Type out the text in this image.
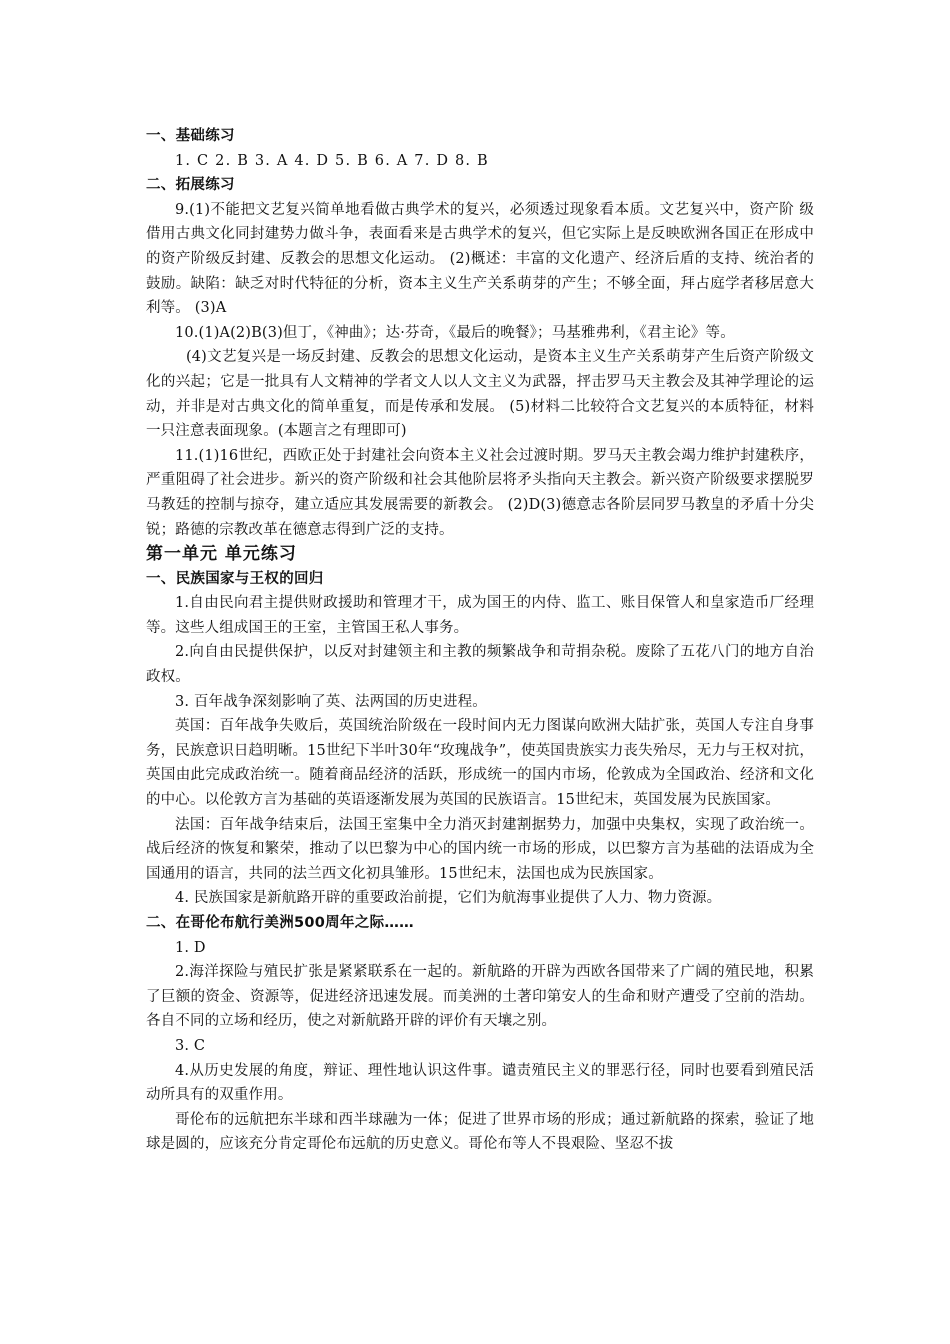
一、基础练习
1. C 2. B 3. A 4. D 5. B 6. A 7. D 8. B
二、拓展练习
9.(1)不能把文艺复兴简单地看做古典学术的复兴，必须透过现象看本质。文艺复兴中，资产阶 级借用古典文化同封建势力做斗争，表面看来是古典学术的复兴，但它实际上是反映欧洲各国正在形成中的资产阶级反封建、反教会的思想文化运动。 (2)概述：丰富的文化遗产、经济后盾的支持、统治者的鼓励。缺陷：缺乏对时代特征的分析，资本主义生产关系萌芽的产生；不够全面，拜占庭学者移居意大利等。 (3)A
10.(1)A(2)B(3)但丁，《神曲》；达·芬奇，《最后的晚餐》；马基雅弗利，《君主论》等。
(4)文艺复兴是一场反封建、反教会的思想文化运动，是资本主义生产关系萌芽产生后资产阶级文化的兴起；它是一批具有人文精神的学者文人以人文主义为武器，抨击罗马天主教会及其神学理论的运动，并非是对古典文化的简单重复，而是传承和发展。 (5)材料二比较符合文艺复兴的本质特征，材料一只注意表面现象。(本题言之有理即可)
11.(1)16世纪，西欧正处于封建社会向资本主义社会过渡时期。罗马天主教会竭力维护封建秩序，严重阻碍了社会进步。新兴的资产阶级和社会其他阶层将矛头指向天主教会。新兴资产阶级要求摆脱罗马教廷的控制与掠夺，建立适应其发展需要的新教会。 (2)D(3)德意志各阶层同罗马教皇的矛盾十分尖锐；路德的宗教改革在德意志得到广泛的支持。
第一单元 单元练习
一、民族国家与王权的回归
1.自由民向君主提供财政援助和管理才干，成为国王的内侍、监工、账目保管人和皇家造币厂经理等。这些人组成国王的王室，主管国王私人事务。
2.向自由民提供保护，以反对封建领主和主教的频繁战争和苛捐杂税。废除了五花八门的地方自治政权。
3. 百年战争深刻影响了英、法两国的历史进程。
英国：百年战争失败后，英国统治阶级在一段时间内无力图谋向欧洲大陆扩张，英国人专注自身事务，民族意识日趋明晰。15世纪下半叶30年“玫瑰战争”，使英国贵族实力丧失殆尽，无力与王权对抗，英国由此完成政治统一。随着商品经济的活跃，形成统一的国内市场，伦敦成为全国政治、经济和文化的中心。以伦敦方言为基础的英语逐渐发展为英国的民族语言。15世纪末，英国发展为民族国家。
法国：百年战争结束后，法国王室集中全力消灭封建割据势力，加强中央集权，实现了政治统一。战后经济的恢复和繁荣，推动了以巴黎为中心的国内统一市场的形成，以巴黎方言为基础的法语成为全国通用的语言，共同的法兰西文化初具雏形。15世纪末，法国也成为民族国家。
4. 民族国家是新航路开辟的重要政治前提，它们为航海事业提供了人力、物力资源。
二、在哥伦布航行美洲500周年之际……
1. D
2.海洋探险与殖民扩张是紧紧联系在一起的。新航路的开辟为西欧各国带来了广阔的殖民地，积累了巨额的资金、资源等，促进经济迅速发展。而美洲的土著印第安人的生命和财产遭受了空前的浩劫。各自不同的立场和经历，使之对新航路开辟的评价有天壤之别。
3. C
4.从历史发展的角度，辩证、理性地认识这件事。谴责殖民主义的罪恶行径，同时也要看到殖民活动所具有的双重作用。
哥伦布的远航把东半球和西半球融为一体；促进了世界市场的形成；通过新航路的探索，验证了地球是圆的，应该充分肯定哥伦布远航的历史意义。哥伦布等人不畏艰险、坚忍不拔
